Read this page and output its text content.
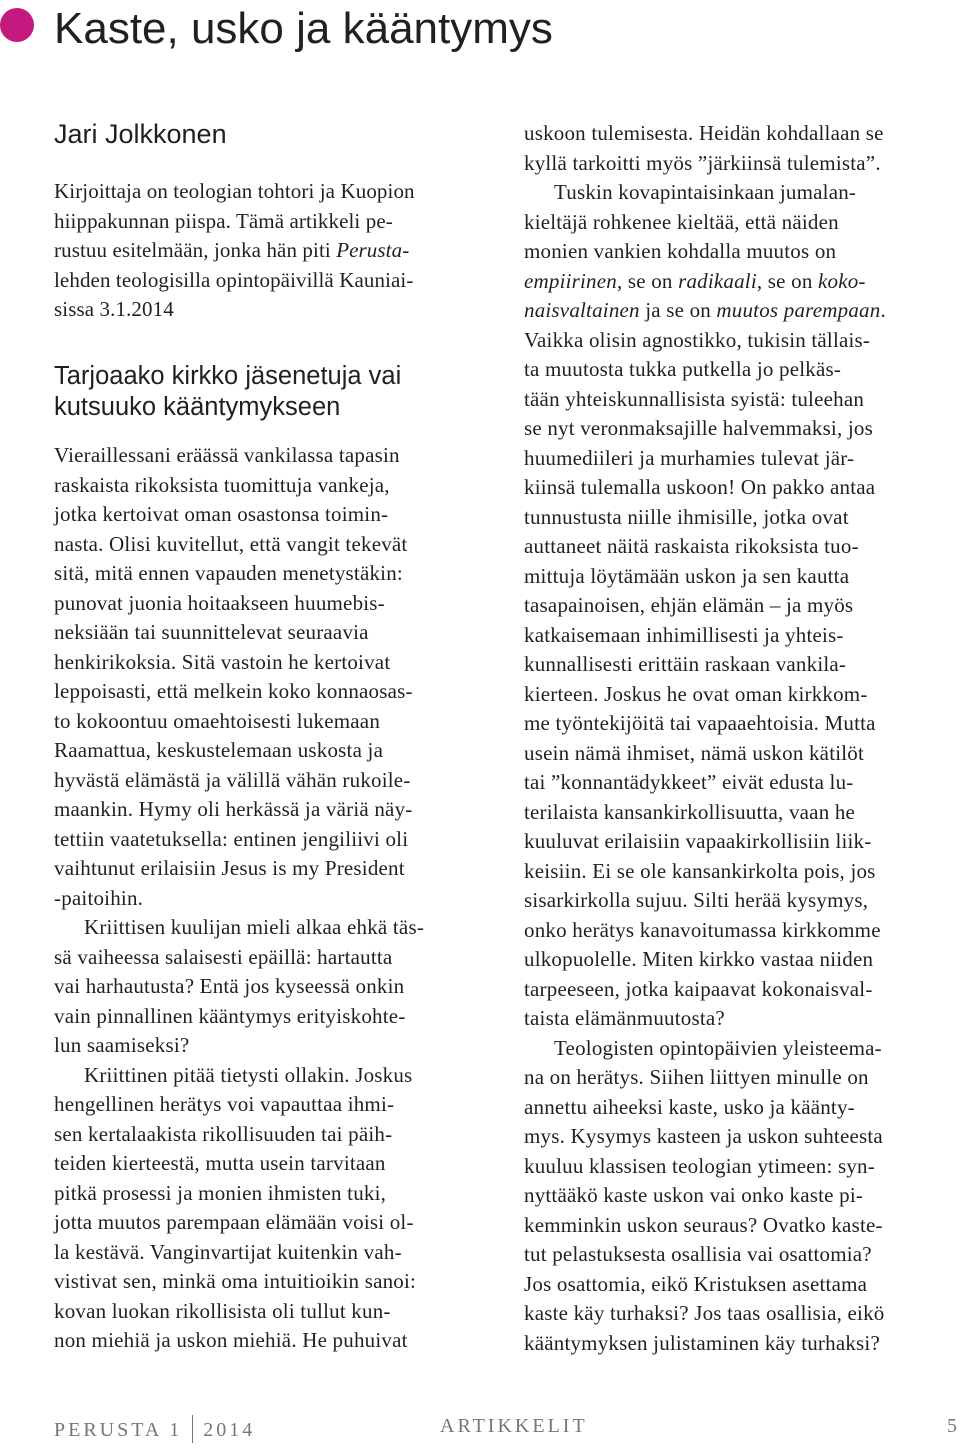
Kaste, usko ja kääntymys
Jari Jolkkonen
Kirjoittaja on teologian tohtori ja Kuopion
hiippakunnan piispa. Tämä artikkeli pe-
rustuu esitelmään, jonka hän piti Perusta-
lehden teologisilla opintopäivillä Kauniai-
sissa 3.1.2014
Tarjoaako kirkko jäsenetuja vai
kutsuuko kääntymykseen
Vieraillessani eräässä vankilassa tapasin
raskaista rikoksista tuomittuja vankeja,
jotka kertoivat oman osastonsa toimin-
nasta. Olisi kuvitellut, että vangit tekevät
sitä, mitä ennen vapauden menetystäkin:
punovat juonia hoitaakseen huumebis-
neksiään tai suunnittelevat seuraavia
henkirikoksia. Sitä vastoin he kertoivat
leppoisasti, että melkein koko konnaosas-
to kokoontuu omaehtoisesti lukemaan
Raamattua, keskustelemaan uskosta ja
hyvästä elämästä ja välillä vähän rukoile-
maankin. Hymy oli herkässä ja väriä näy-
tettiin vaatetuksella: entinen jengiliivi oli
vaihtunut erilaisiin Jesus is my President
-paitoihin.
Kriittisen kuulijan mieli alkaa ehkä täs-
sä vaiheessa salaisesti epäillä: hartautta
vai harhautusta? Entä jos kyseessä onkin
vain pinnallinen kääntymys erityiskohte-
lun saamiseksi?
Kriittinen pitää tietysti ollakin. Joskus
hengellinen herätys voi vapauttaa ihmi-
sen kertalaakista rikollisuuden tai päih-
teiden kierteestä, mutta usein tarvitaan
pitkä prosessi ja monien ihmisten tuki,
jotta muutos parempaan elämään voisi ol-
la kestävä. Vanginvartijat kuitenkin vah-
vistivat sen, minkä oma intuitioikin sanoi:
kovan luokan rikollisista oli tullut kun-
non miehiä ja uskon miehiä. He puhuivat
uskoon tulemisesta. Heidän kohdallaan se
kyllä tarkoitti myös ”järkiinsä tulemista”.
Tuskin kovapintaisinkaan jumalan-
kieltäjä rohkenee kieltää, että näiden
monien vankien kohdalla muutos on
empiirinen, se on radikaali, se on koko-
naisvaltainen ja se on muutos parempaan.
Vaikka olisin agnostikko, tukisin tällais-
ta muutosta tukka putkella jo pelkäs-
tään yhteiskunnallisista syistä: tuleehan
se nyt veronmaksajille halvemmaksi, jos
huumediileri ja murhamies tulevat jär-
kiinsä tulemalla uskoon! On pakko antaa
tunnustusta niille ihmisille, jotka ovat
auttaneet näitä raskaista rikoksista tuo-
mittuja löytämään uskon ja sen kautta
tasapainoisen, ehjän elämän – ja myös
katkaisemaan inhimillisesti ja yhteis-
kunnallisesti erittäin raskaan vankila-
kierteen. Joskus he ovat oman kirkkom-
me työntekijöitä tai vapaaehtoisia. Mutta
usein nämä ihmiset, nämä uskon kätilöt
tai ”konnantädykkeet” eivät edusta lu-
terilaista kansankirkollisuutta, vaan he
kuuluvat erilaisiin vapaakirkollisiin liik-
keisiin. Ei se ole kansankirkolta pois, jos
sisarkirkolla sujuu. Silti herää kysymys,
onko herätys kanavoitumassa kirkkomme
ulkopuolelle. Miten kirkko vastaa niiden
tarpeeseen, jotka kaipaavat kokonaisval-
taista elämänmuutosta?
Teologisten opintopäivien yleisteema-
na on herätys. Siihen liittyen minulle on
annettu aiheeksi kaste, usko ja käänty-
mys. Kysymys kasteen ja uskon suhteesta
kuuluu klassisen teologian ytimeen: syn-
nyttääkö kaste uskon vai onko kaste pi-
kemminkin uskon seuraus? Ovatko kaste-
tut pelastuksesta osallisia vai osattomia?
Jos osattomia, eikö Kristuksen asettama
kaste käy turhaksi? Jos taas osallisia, eikö
kääntymyksen julistaminen käy turhaksi?
PERUSTA 1 2014	ARTIKKELIT	5
